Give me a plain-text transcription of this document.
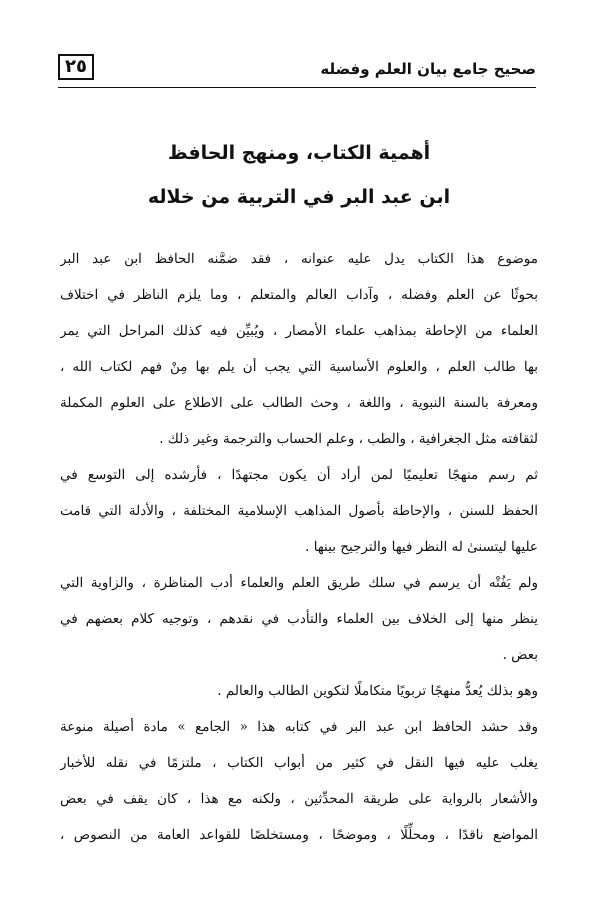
٢٥	صحيح جامع بيان العلم وفضله
أهمية الكتاب، ومنهج الحافظ
ابن عبد البر في التربية من خلاله
موضوع هذا الكتاب يدل عليه عنوانه ، فقد ضمَّنه الحافظ ابن عبد البر
بحوثًا عن العلم وفضله ، وآداب العالم والمتعلم ، وما يلزم الناظر في اختلاف
العلماء من الإحاطة بمذاهب علماء الأمصار ، ويُبيِّن فيه كذلك المراحل التي يمر
بها طالب العلم ، والعلوم الأساسية التي يجب أن يلم بها مِنْ فهم لكتاب الله ،
ومعرفة بالسنة النبوية ، واللغة ، وحث الطالب على الاطلاع على العلوم المكملة
لثقافته مثل الجغرافية ، والطب ، وعلم الحساب والترجمة وغير ذلك .
ثم رسم منهجًا تعليميًا لمن أراد أن يكون مجتهدًا ، فأرشده إلى التوسع في
الحفظ للسنن ، والإحاطة بأصول المذاهب الإسلامية المختلفة ، والأدلة التي قامت
عليها ليتسنىٰ له النظر فيها والترجيح بينها .
ولم يَفُتْه أن يرسم في سلك طريق العلم والعلماء أدب المناظرة ، والزاوية التي
ينظر منها إلى الخلاف بين العلماء والتأدب في نقدهم ، وتوجيه كلام بعضهم في
بعض .
وهو بذلك يُعدُّ منهجًا تربويًا متكاملًا لتكوين الطالب والعالم .
وقد حشد الحافظ ابن عبد البر في كتابه هذا « الجامع » مادة أصيلة منوعة
يغلب عليه فيها النقل في كثير من أبواب الكتاب ، ملتزمًا في نقله للأخبار
والأشعار بالرواية على طريقة المحدِّثين ، ولكنه مع هذا ، كان يقف في بعض
المواضع ناقدًا ، ومحلِّلًا ، وموضحًا ، ومستخلصًا للقواعد العامة من النصوص ،
